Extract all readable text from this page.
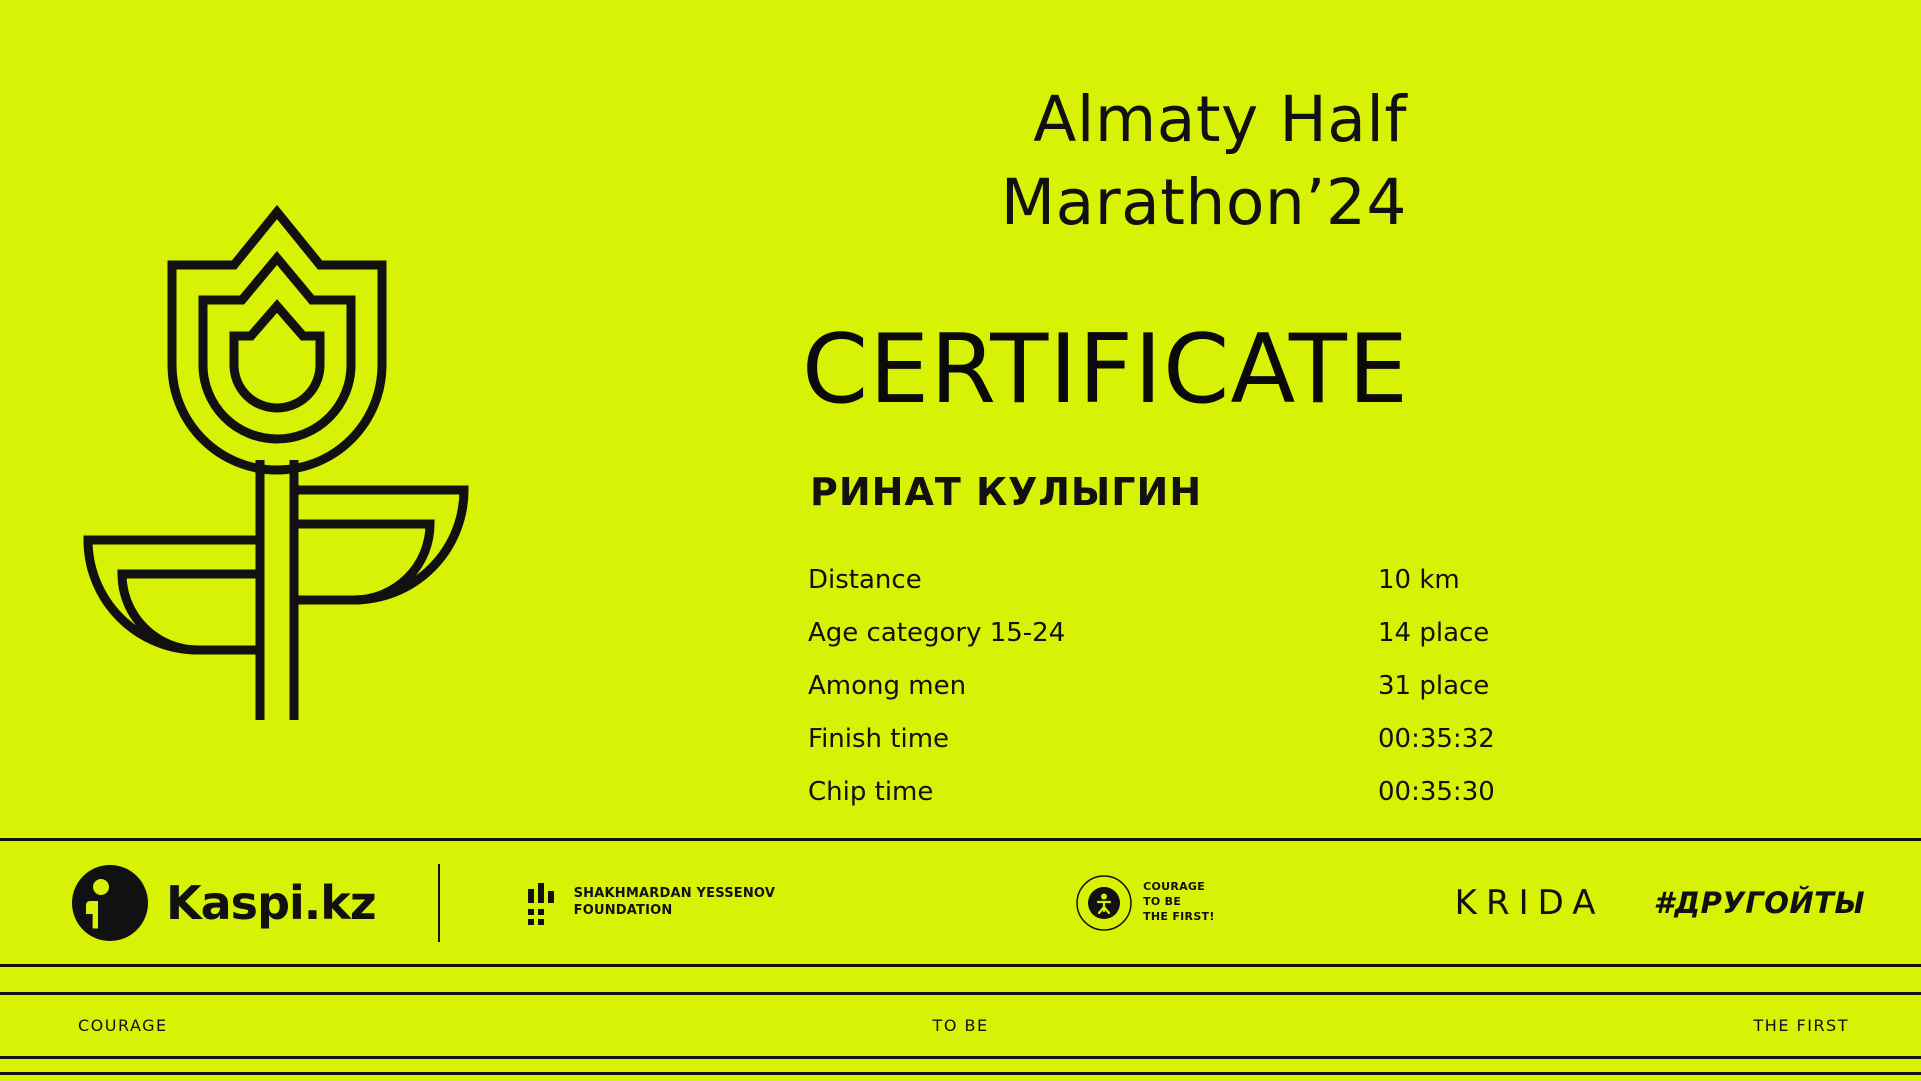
Almaty Half
Marathon’24
CERTIFICATE
РИНАТ КУЛЫГИН
Distance	10 km
Age category 15-24	14 place
Among men	31 place
Finish time	00:35:32
Chip time	00:35:30
Kaspi.kz	SHAKHMARDAN YESSENOV
FOUNDATION
COURAGE
TO BE
THE FIRST!	KRIDA #ДРУГОЙТЫ
COURAGE	TO BE	THE FIRST
